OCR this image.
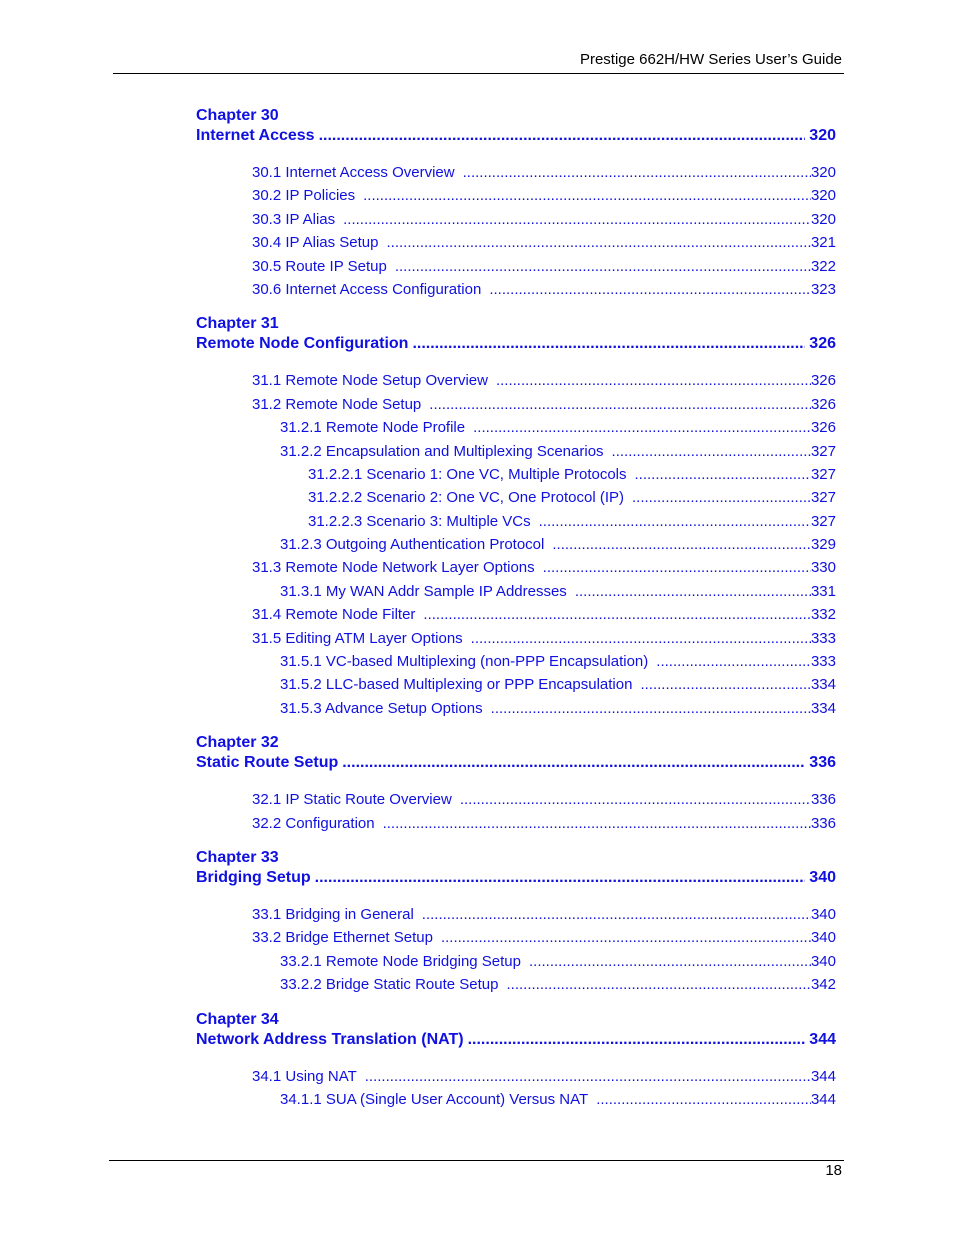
Prestige 662H/HW Series User’s Guide
Chapter 30
Internet Access .....	320
30.1 Internet Access Overview .....	320
30.2 IP Policies .....	320
30.3 IP Alias .....	320
30.4 IP Alias Setup .....	321
30.5 Route IP Setup .....	322
30.6 Internet Access Configuration .....	323
Chapter 31
Remote Node Configuration .....	326
31.1 Remote Node Setup Overview .....	326
31.2 Remote Node Setup .....	326
31.2.1 Remote Node Profile .....	326
31.2.2 Encapsulation and Multiplexing Scenarios .....	327
31.2.2.1 Scenario 1: One VC, Multiple Protocols .....	327
31.2.2.2 Scenario 2: One VC, One Protocol (IP) .....	327
31.2.2.3 Scenario 3: Multiple VCs .....	327
31.2.3 Outgoing Authentication Protocol .....	329
31.3 Remote Node Network Layer Options .....	330
31.3.1 My WAN Addr Sample IP Addresses .....	331
31.4 Remote Node Filter .....	332
31.5 Editing ATM Layer Options .....	333
31.5.1 VC-based Multiplexing (non-PPP Encapsulation) .....	333
31.5.2 LLC-based Multiplexing or PPP Encapsulation .....	334
31.5.3 Advance Setup Options .....	334
Chapter 32
Static Route Setup .....	336
32.1 IP Static Route Overview .....	336
32.2 Configuration .....	336
Chapter 33
Bridging Setup .....	340
33.1 Bridging in General .....	340
33.2 Bridge Ethernet Setup .....	340
33.2.1 Remote Node Bridging Setup .....	340
33.2.2 Bridge Static Route Setup .....	342
Chapter 34
Network Address Translation (NAT) .....	344
34.1 Using NAT .....	344
34.1.1 SUA (Single User Account) Versus NAT .....	344
18
